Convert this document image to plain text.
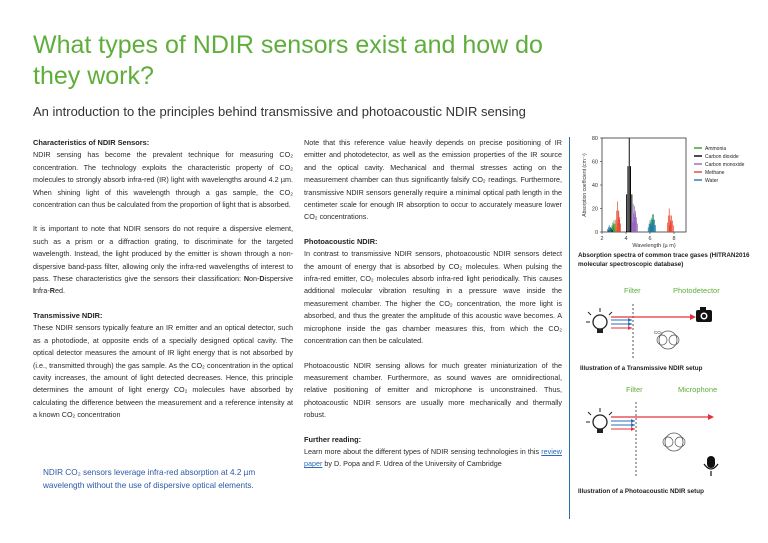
What types of NDIR sensors exist and how do they work?
An introduction to the principles behind transmissive and photoacoustic NDIR sensing
Characteristics of NDIR Sensors:

NDIR sensing has become the prevalent technique for measuring CO₂ concentration. The technology exploits the characteristic property of CO₂ molecules to strongly absorb infra-red (IR) light with wavelengths around 4.2 µm. When shining light of this wavelength through a gas sample, the CO₂ concentration can thus be calculated from the proportion of light that is absorbed.

It is important to note that NDIR sensors do not require a dispersive element, such as a prism or a diffraction grating, to discriminate for the targeted wavelength. Instead, the light produced by the emitter is shown through a non-dispersive band-pass filter, allowing only the infra-red wavelengths of interest to pass. These characteristics give the sensors their classification: Non-Dispersive Infra-Red.

Transmissive NDIR:

These NDIR sensors typically feature an IR emitter and an optical detector, such as a photodiode, at opposite ends of a specially designed optical cavity. The optical detector measures the amount of IR light energy that is not absorbed by (i.e., transmitted through) the gas sample. As the CO₂ concentration in the optical cavity increases, the amount of light detected decreases. Hence, this principle determines the amount of light energy CO₂ molecules have absorbed by calculating the difference between the measurement and a reference intensity at a known CO₂ concentration

NDIR CO₂ sensors leverage infra-red absorption at 4.2 µm wavelength without the use of dispersive optical elements.

Note that this reference value heavily depends on precise positioning of IR emitter and photodetector, as well as the emission properties of the IR source and the optical cavity. Mechanical and thermal stresses acting on the measurement chamber can thus significantly falsify CO₂ readings. Furthermore, transmissive NDIR sensors generally require a minimal optical path length in the centimeter scale for enough IR absorption to occur to accurately measure lower CO₂ concentrations.

Photoacoustic NDIR:

In contrast to transmissive NDIR sensors, photoacoustic NDIR sensors detect the amount of energy that is absorbed by CO₂ molecules. When pulsing the infra-red emitter, CO₂ molecules absorb infra-red light periodically. This causes additional molecular vibration resulting in a pressure wave inside the measurement chamber. The higher the CO₂ concentration, the more light is absorbed, and thus the greater the amplitude of this acoustic wave becomes. A microphone inside the gas chamber measures this, from which the CO₂ concentration can then be calculated.

Photoacoustic NDIR sensing allows for much greater miniaturization of the measurement chamber. Furthermore, as sound waves are omnidirectional, relative positioning of emitter and microphone is unconstrained. Thus, photoacoustic NDIR sensors are usually more mechanically and thermally robust.

Further reading:

Learn more about the different types of NDIR sensing technologies in this review paper by D. Popa and F. Udrea of the University of Cambridge

0
20
40
60
80
2	4	6	8
Wavelength (µ m)
Absorption coefficient (cm⁻¹)
Ammonia
Carbon dioxide
Carbon monoxide
Methane
Water
Absorption spectra of common trace gases (HITRAN2016 molecular spectroscopic database)
Filter	Photodetector
CO₂
Illustration of a Transmissive NDIR setup
Filter	Microphone
Illustration of a Photoacoustic NDIR setup
